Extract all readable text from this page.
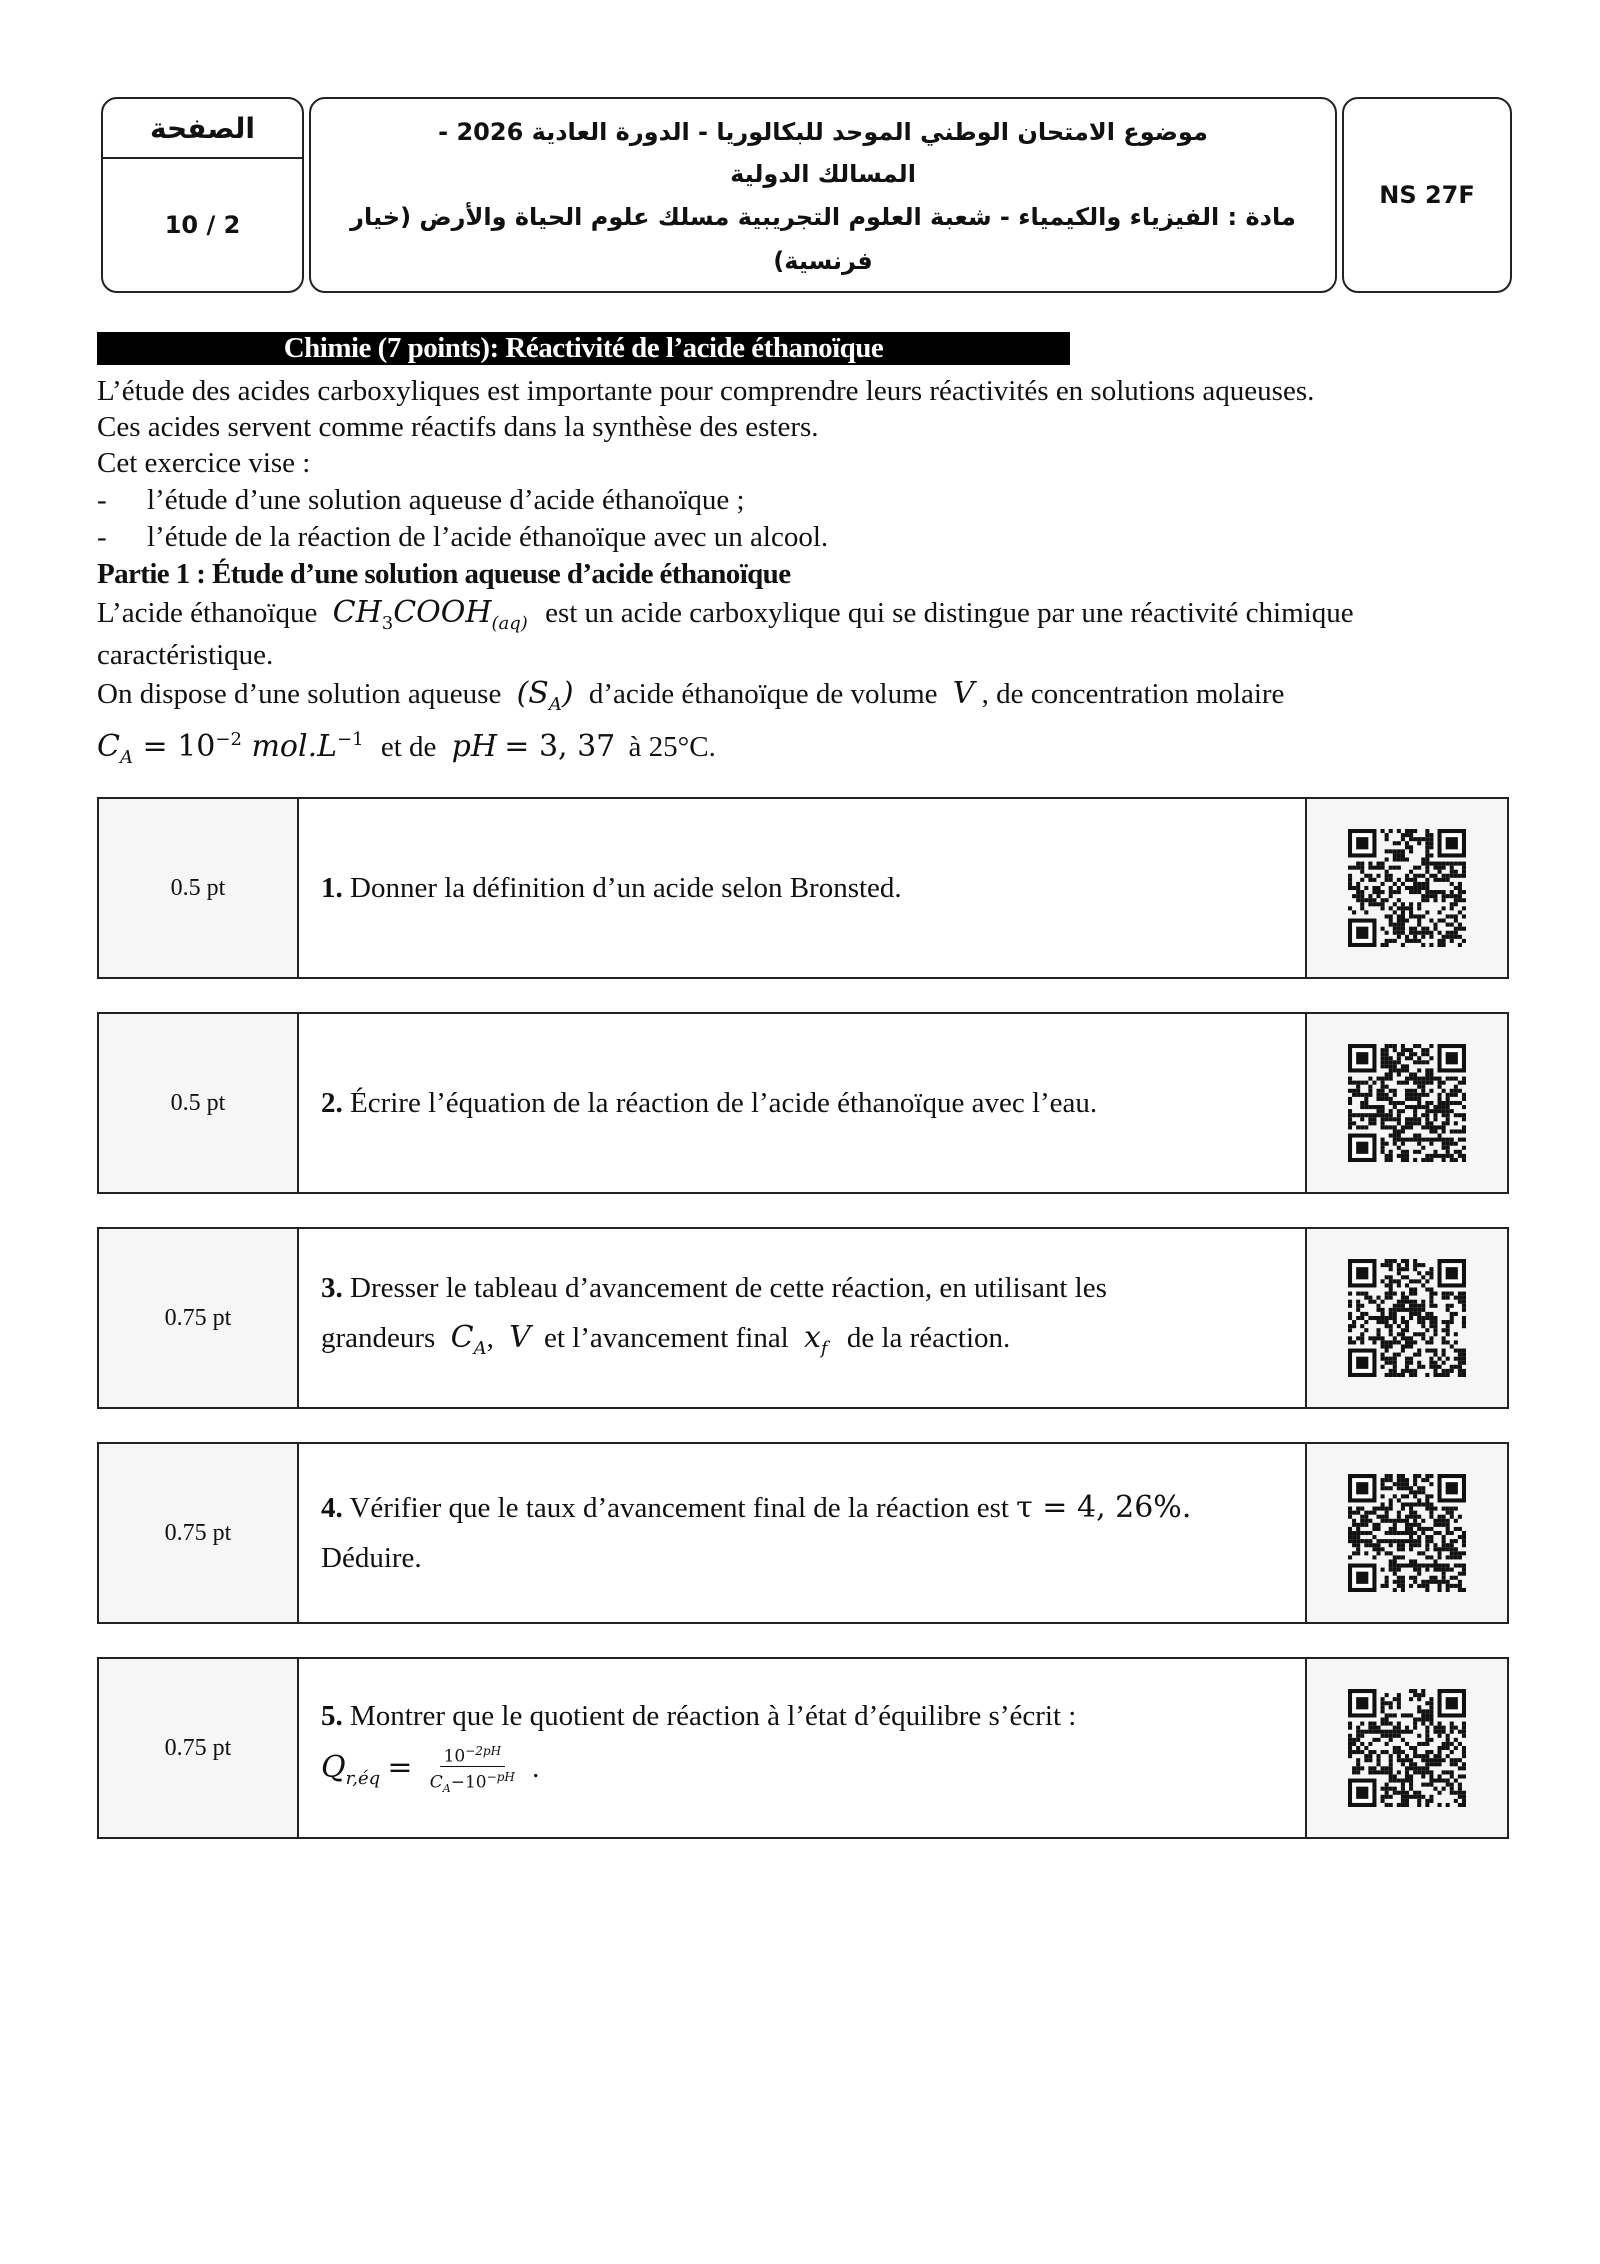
الصفحة
10 / 2
موضوع الامتحان الوطني الموحد للبكالوريا - الدورة العادية 2026 -
المسالك الدولية
مادة : الفيزياء والكيمياء - شعبة العلوم التجريبية مسلك علوم الحياة والأرض (خيار فرنسية)
NS 27F
Chimie (7 points): Réactivité de l’acide éthanoïque
L’étude des acides carboxyliques est importante pour comprendre leurs réactivités en solutions aqueuses.
Ces acides servent comme réactifs dans la synthèse des esters.
Cet exercice vise :
- l’étude d’une solution aqueuse d’acide éthanoïque ;
- l’étude de la réaction de l’acide éthanoïque avec un alcool.
Partie 1 : Étude d’une solution aqueuse d’acide éthanoïque
L’acide éthanoïque $CH_3COOH_{(aq)}$ est un acide carboxylique qui se distingue par une réactivité chimique
caractéristique.
On dispose d’une solution aqueuse $(S_A)$ d’acide éthanoïque de volume V , de concentration molaire
$C_A = 10^{-2}$ $mol.L^{-1}$ et de pH = 3, 37 à 25°C.
0.5 pt	1. Donner la définition d’un acide selon Bronsted.
0.5 pt	2. Écrire l’équation de la réaction de l’acide éthanoïque avec l’eau.
0.75 pt
3. Dresser le tableau d’avancement de cette réaction, en utilisant les
grandeurs $C_A$, V et l’avancement final $x_f$ de la réaction.
0.75 pt
4. Vérifier que le taux d’avancement final de la réaction est τ = 4, 26%.
Déduire.
0.75 pt
5. Montrer que le quotient de réaction à l’état d’équilibre s’écrit :
$Q_{r,éq} = \frac{10^{-2pH}}{C_A-10^{-pH}}$ .
